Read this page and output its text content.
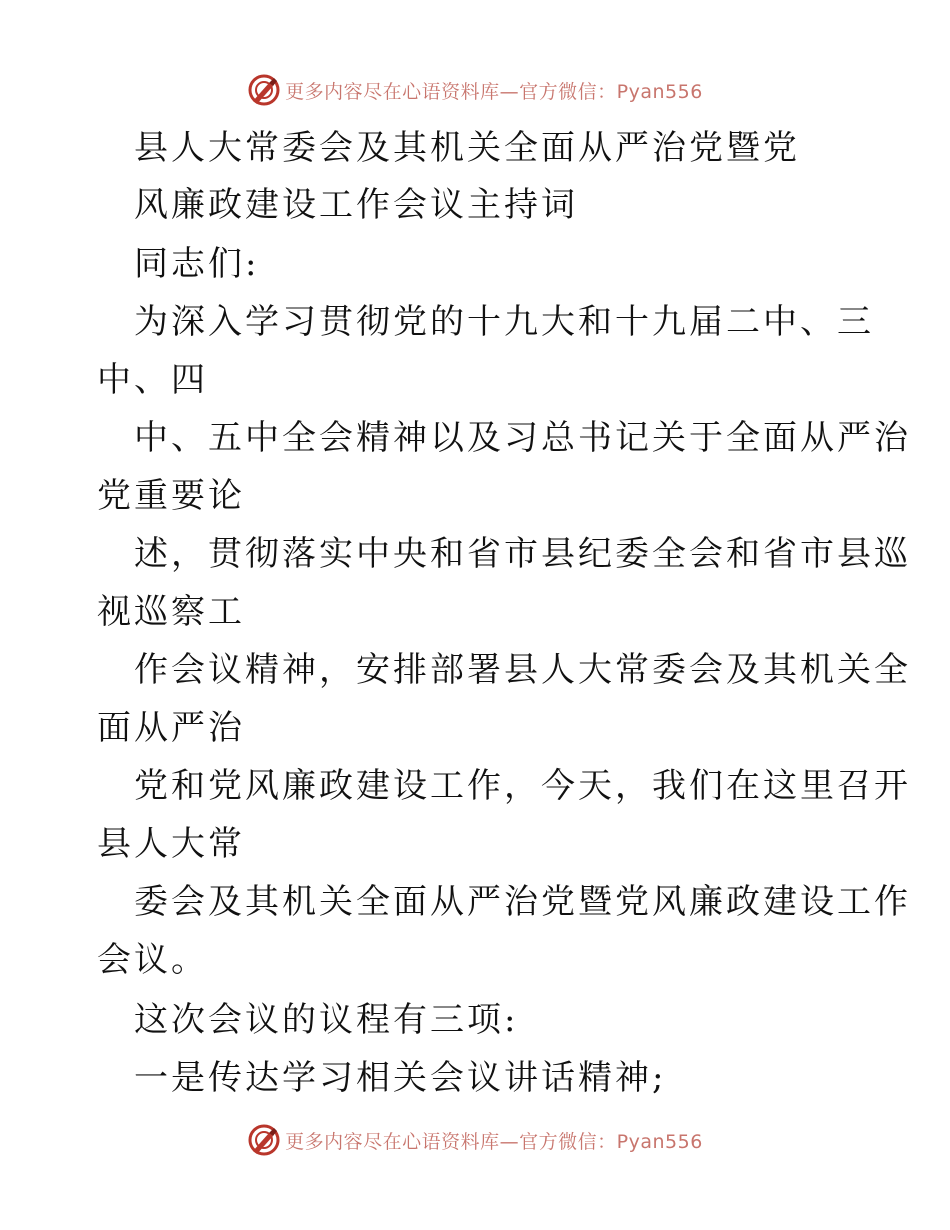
更多内容尽在心语资料库—官方微信：Pyan556
县人大常委会及其机关全面从严治党暨党
风廉政建设工作会议主持词
同志们:
为深入学习贯彻党的十九大和十九届二中、三
中、四
中、五中全会精神以及习总书记关于全面从严治
党重要论
述，贯彻落实中央和省市县纪委全会和省市县巡
视巡察工
作会议精神，安排部署县人大常委会及其机关全
面从严治
党和党风廉政建设工作，今天，我们在这里召开
县人大常
委会及其机关全面从严治党暨党风廉政建设工作
会议。
这次会议的议程有三项:
一是传达学习相关会议讲话精神;
更多内容尽在心语资料库—官方微信：Pyan556
